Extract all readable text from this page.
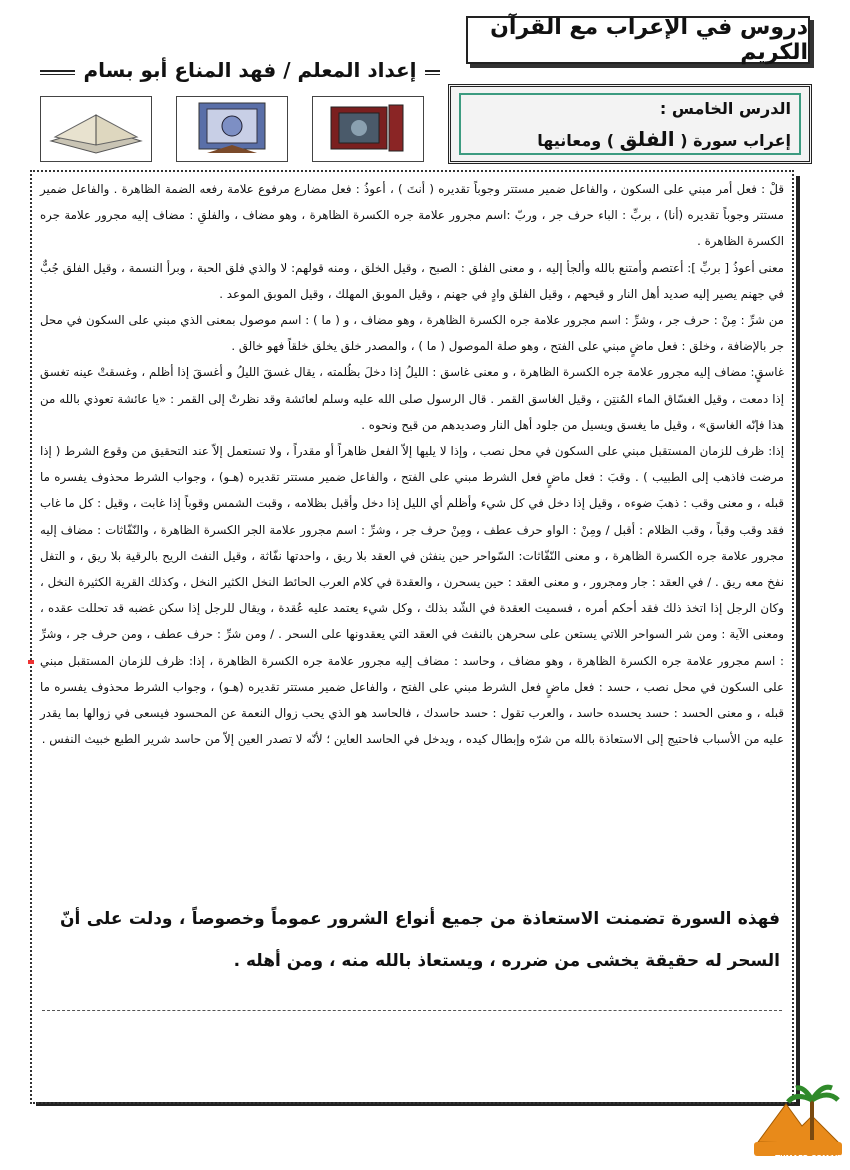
دروس في الإعراب مع القرآن الكريم
إعداد المعلم / فهد المناع أبو بسام
الدرس الخامس :
إعراب سورة ( الفلق ) ومعانيها

قلْ : فعل أمر مبني على السكون ، والفاعل ضمير مستتر وجوباً تقديره ( أنتَ ) ، أعوذُ : فعل مضارع مرفوع علامة رفعه الضمة الظاهرة . والفاعل ضمير مستتر وجوباً تقديره (أنا) ، بربِّ : الباء حرف جر ، وربّ :اسم مجرور علامة جره الكسرة الظاهرة ، وهو مضاف ، والفلقِ : مضاف إليه مجرور علامة جره الكسرة الظاهرة .

معنى أعوذُ [ بربِّ ]: أعتصم وأمتنع بالله وألجأ إليه ، و معنى الفلق : الصبح ، وقيل الخلق ، ومنه قولهم: لا والذي فلق الحبة ، وبرأ النسمة ، وقيل الفلق جُبٌّ في جهنم يصير إليه صديد أهل النار و قيحهم ، وقيل الفلق وادٍ في جهنم ، وقيل الموبق المهلك ، وقيل الموبق الموعد .

من شرِّ : مِنْ : حرف جر ، وشرِّ : اسم مجرور علامة جره الكسرة الظاهرة ، وهو مضاف ، و ( ما ) : اسم موصول بمعنى الذي مبني على السكون في محل جر بالإضافة ، وخلق : فعل ماضٍ مبني على الفتح ، وهو صلة الموصول ( ما ) ، والمصدر خلق يخلق خلقاً فهو خالق .

غاسقٍ: مضاف إليه مجرور علامة جره الكسرة الظاهرة ، و معنى غاسق : الليلُ إذا دخلَ بظُلمته ، يقال غسقَ الليلُ و أغسقَ إذا أظلم ، وغسقتْ عينه تغسق إذا دمعت ، وقيل الغسّاق الماء المُنتِن ، وقيل الغاسق القمر . قال الرسول صلى الله عليه وسلم لعائشة وقد نظرتْ إلى القمر : «يا عائشة تعوذي بالله من هذا فإنّه الغاسق» ، وقيل ما يغسق ويسيل من جلود أهل النار وصديدهم من قيح ونحوه .

إذا: ظرف للزمان المستقبل مبني على السكون في محل نصب ، وإذا لا يليها إلاّ الفعل ظاهراً أو مقدراً ، ولا تستعمل إلاّ عند التحقيق من وقوع الشرط ( إذا مرضت فاذهب إلى الطبيب ) . وقبَ : فعل ماضٍ فعل الشرط مبني على الفتح ، والفاعل ضمير مستتر تقديره (هـو) ، وجواب الشرط محذوف يفسره ما قبله ، و معنى وقب : ذهبَ ضوءه ، وقيل إذا دخل في كل شيء وأظلم أي الليل إذا دخل وأقبل بظلامه ، وقبت الشمس وقوباً إذا غابت ، وقيل : كل ما غاب فقد وقب وقباً ، وقب الظلام : أقبل / ومِنْ : الواو حرف عطف ، ومِنْ حرف جر ، وشرِّ : اسم مجرور علامة الجر الكسرة الظاهرة ، والنّفّاثات : مضاف إليه مجرور علامة جره الكسرة الظاهرة ، و معنى النّفّاثات: السّواحر حين ينفثن في العقد بلا ريق ، واحدتها نفّاثة ، وقيل النفث الريح بالرقية بلا ريق ، و التفل نفخ معه ريق . / في العقد : جار ومجرور ، و معنى العقد : حين يسحرن ، والعقدة في كلام العرب الحائط النخل الكثير النخل ، وكذلك القرية الكثيرة النخل ، وكان الرجل إذا اتخذ ذلك فقد أحكم أمره ، فسميت العقدة في الشّد بذلك ، وكل شيء يعتمد عليه عُقدة ، ويقال للرجل إذا سكن غضبه قد تحللت عقده ، ومعنى الآية : ومن شر السواحر اللاتي يستعن على سحرهن بالنفث في العقد التي يعقدونها على السحر . / ومن شرِّ : حرف عطف ، ومن حرف جر ، وشرِّ : اسم مجرور علامة جره الكسرة الظاهرة ، وهو مضاف ، وحاسد : مضاف إليه مجرور علامة جره الكسرة الظاهرة ، إذا: ظرف للزمان المستقبل مبني على السكون في محل نصب ، حسد : فعل ماضٍ فعل الشرط مبني على الفتح ، والفاعل ضمير مستتر تقديره (هـو) ، وجواب الشرط محذوف يفسره ما قبله ، و معنى الحسد : حسد يحسده حاسد ، والعرب تقول : حسد حاسدك ، فالحاسد هو الذي يحب زوال النعمة عن المحسود فيسعى في زوالها بما يقدر عليه من الأسباب فاحتيج إلى الاستعاذة بالله من شرّه وإبطال كيده ، ويدخل في الحاسد العاين ؛ لأنّه لا تصدر العين إلاّ من حاسد شرير الطبع خبيث النفس .

فهذه السورة تضمنت الاستعاذة من جميع أنواع الشرور عموماً وخصوصاً ، ودلت على أنّ السحر له حقيقة يخشى من ضرره ، ويستعاذ بالله منه ، ومن أهله .
www.TUMAER.COM/VB
